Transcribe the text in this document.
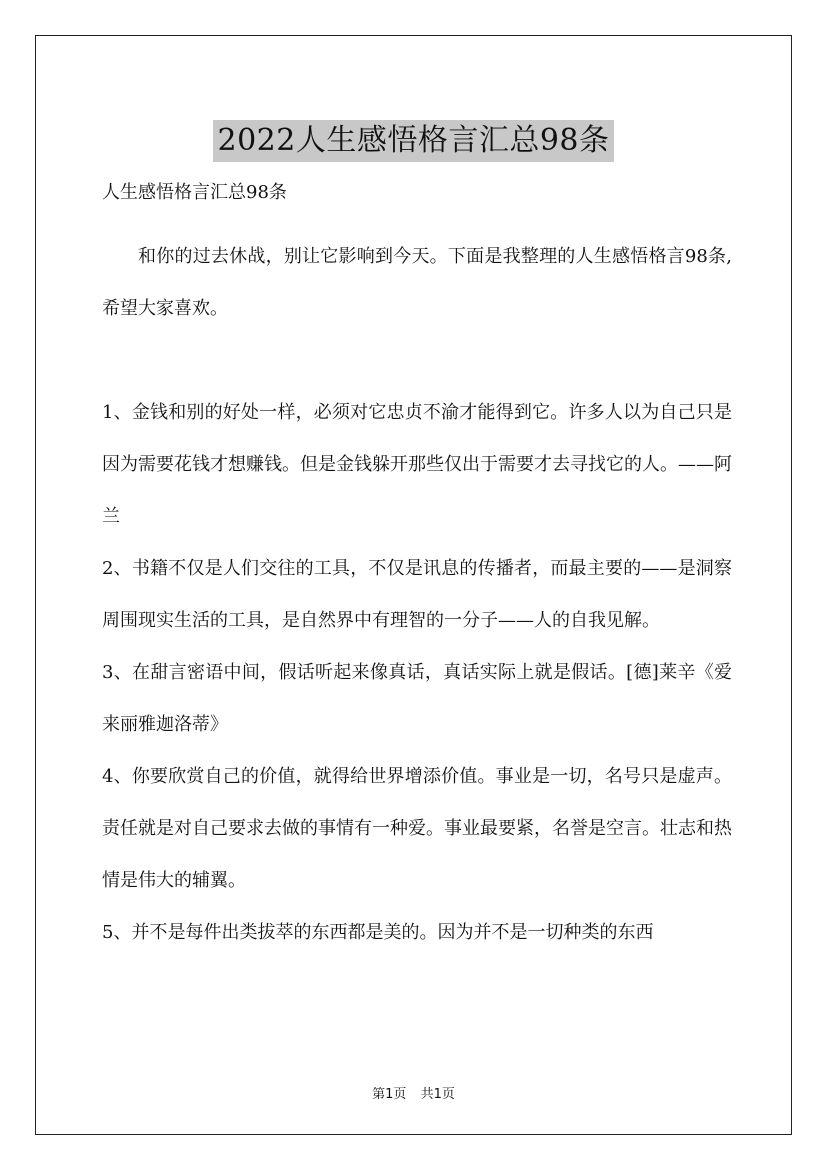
2022人生感悟格言汇总98条
人生感悟格言汇总98条

和你的过去休战，别让它影响到今天。下面是我整理的人生感悟格言98条,希望大家喜欢。

1、金钱和别的好处一样，必须对它忠贞不渝才能得到它。许多人以为自己只是因为需要花钱才想赚钱。但是金钱躲开那些仅出于需要才去寻找它的人。——阿兰

2、书籍不仅是人们交往的工具，不仅是讯息的传播者，而最主要的——是洞察周围现实生活的工具，是自然界中有理智的一分子——人的自我见解。

3、在甜言密语中间，假话听起来像真话，真话实际上就是假话。[德]莱辛《爱来丽雅迦洛蒂》

4、你要欣赏自己的价值，就得给世界增添价值。事业是一切，名号只是虚声。责任就是对自己要求去做的事情有一种爱。事业最要紧，名誉是空言。壮志和热情是伟大的辅翼。

5、并不是每件出类拔萃的东西都是美的。因为并不是一切种类的东西

第1页 共1页
